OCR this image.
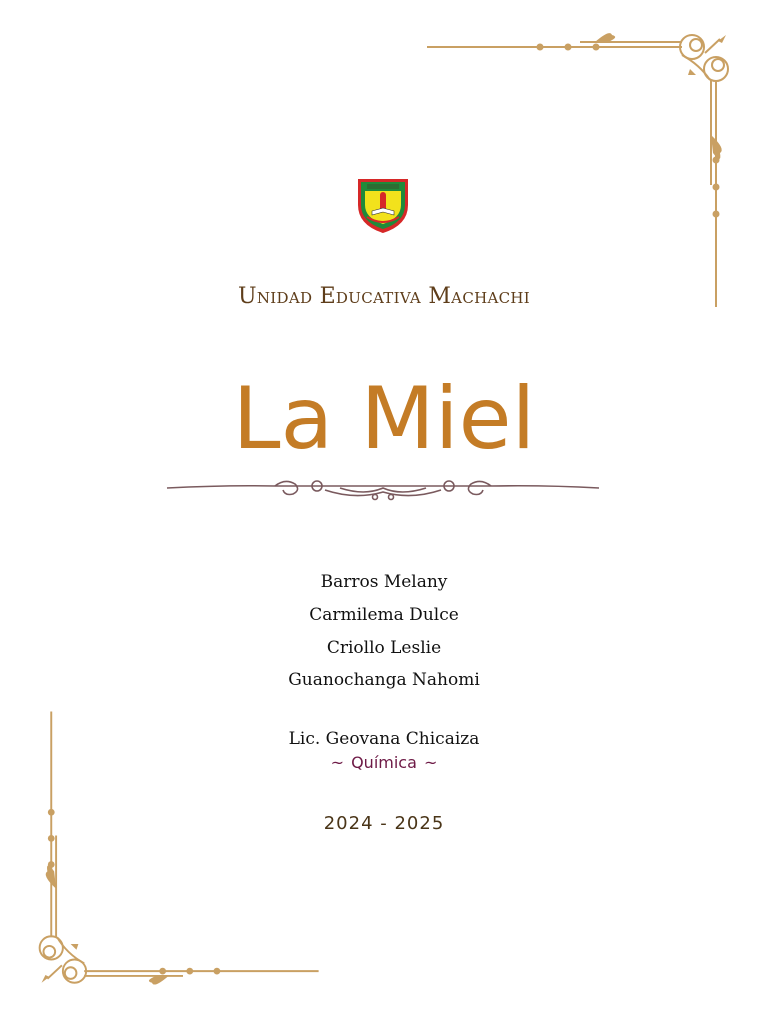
Unidad Educativa Machachi
La Miel
Barros Melany
Carmilema Dulce
Criollo Leslie
Guanochanga Nahomi
Lic. Geovana Chicaiza
~ Química ~
2024 - 2025
